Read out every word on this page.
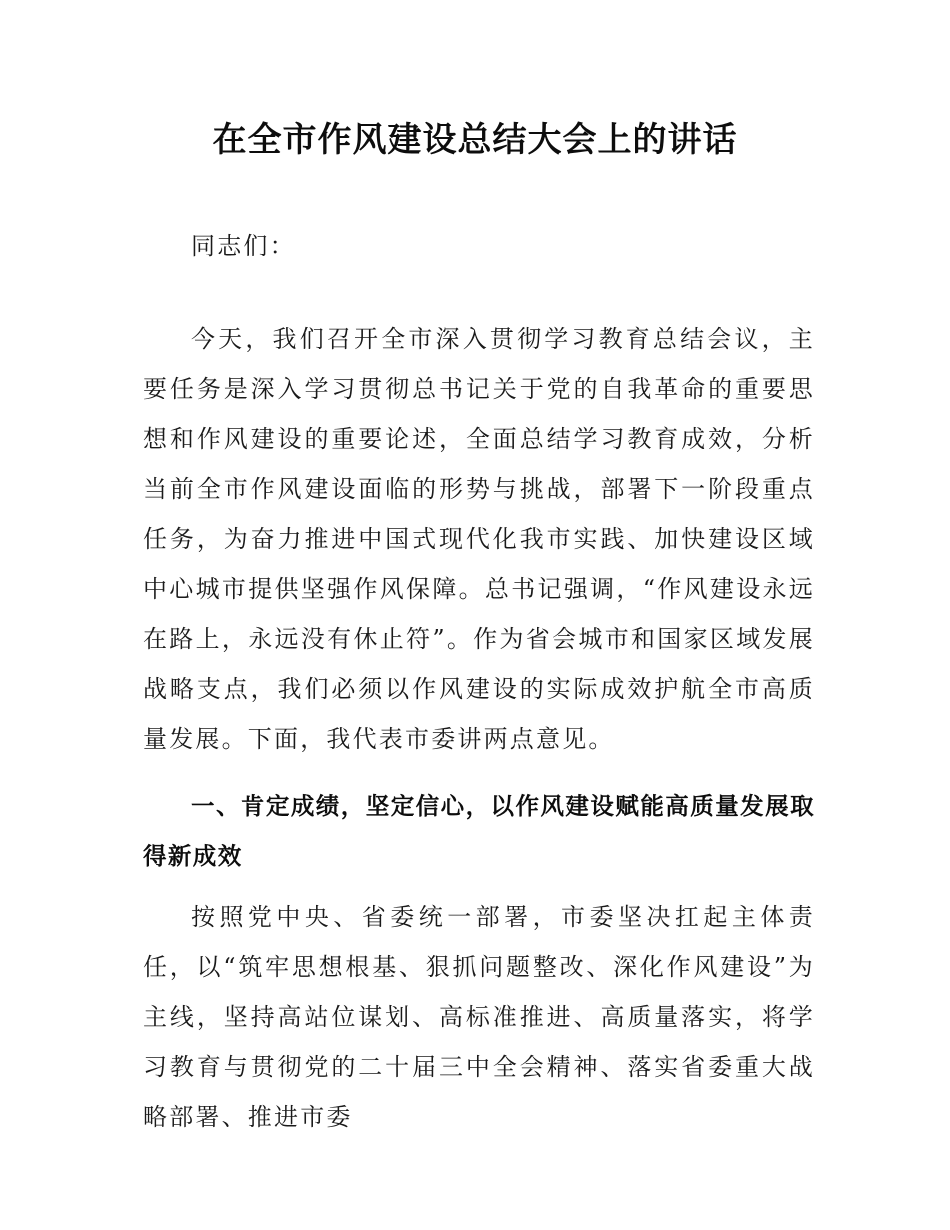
在全市作风建设总结大会上的讲话
同志们：
今天，我们召开全市深入贯彻学习教育总结会议，主要任务是深入学习贯彻总书记关于党的自我革命的重要思想和作风建设的重要论述，全面总结学习教育成效，分析当前全市作风建设面临的形势与挑战，部署下一阶段重点任务，为奋力推进中国式现代化我市实践、加快建设区域中心城市提供坚强作风保障。总书记强调，“作风建设永远在路上，永远没有休止符”。作为省会城市和国家区域发展战略支点，我们必须以作风建设的实际成效护航全市高质量发展。下面，我代表市委讲两点意见。
一、肯定成绩，坚定信心，以作风建设赋能高质量发展取得新成效
按照党中央、省委统一部署，市委坚决扛起主体责任，以“筑牢思想根基、狠抓问题整改、深化作风建设”为主线，坚持高站位谋划、高标准推进、高质量落实，将学习教育与贯彻党的二十届三中全会精神、落实省委重大战略部署、推进市委
